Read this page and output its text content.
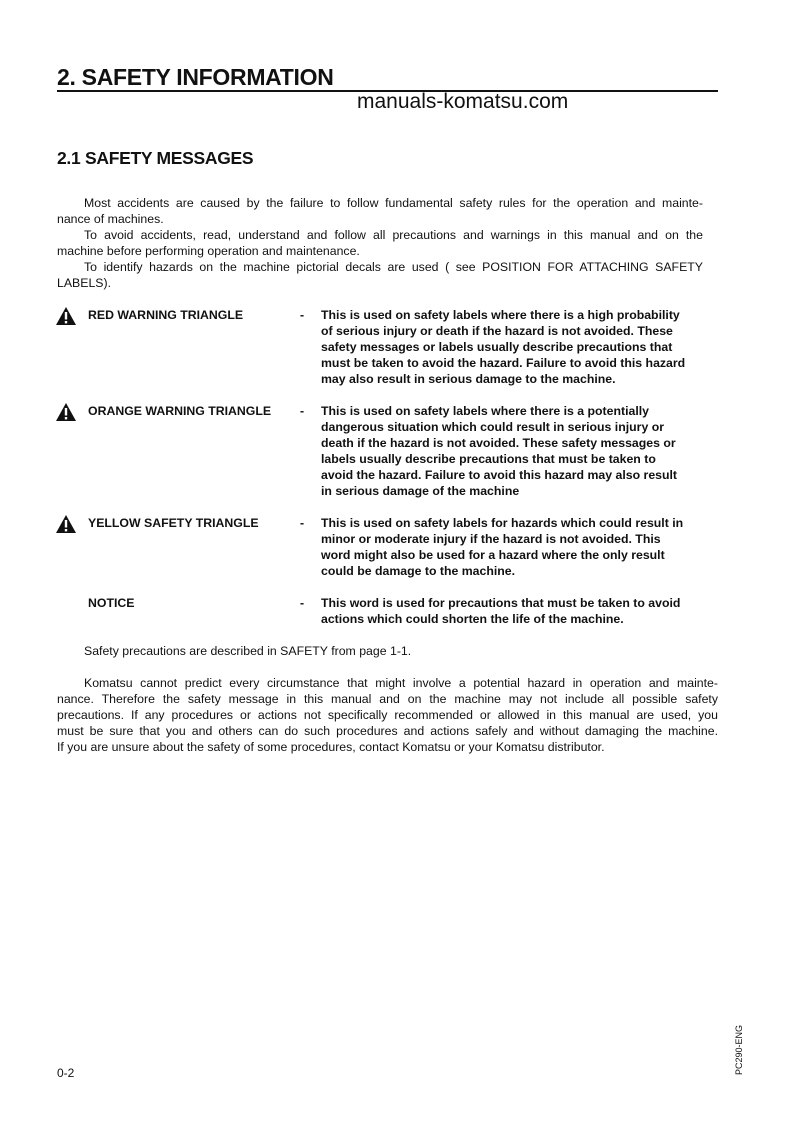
2. SAFETY INFORMATION
manuals-komatsu.com
2.1 SAFETY MESSAGES
Most accidents are caused by the failure to follow fundamental safety rules for the operation and mainte-
nance of machines.
To avoid accidents, read, understand and follow all precautions and warnings in this manual and on the
machine before performing operation and maintenance.
To identify hazards on the machine pictorial decals are used ( see POSITION FOR ATTACHING SAFETY
LABELS).
RED WARNING TRIANGLE	- This is used on safety labels where there is a high probability
of serious injury or death if the hazard is not avoided. These
safety messages or labels usually describe precautions that
must be taken to avoid the hazard. Failure to avoid this hazard
may also result in serious damage to the machine.
ORANGE WARNING TRIANGLE - This is used on safety labels where there is a potentially
dangerous situation which could result in serious injury or
death if the hazard is not avoided. These safety messages or
labels usually describe precautions that must be taken to
avoid the hazard. Failure to avoid this hazard may also result
in serious damage of the machine
YELLOW SAFETY TRIANGLE	- This is used on safety labels for hazards which could result in
minor or moderate injury if the hazard is not avoided. This
word might also be used for a hazard where the only result
could be damage to the machine.
NOTICE	- This word is used for precautions that must be taken to avoid
actions which could shorten the life of the machine.
Safety precautions are described in SAFETY from page 1-1.
Komatsu cannot predict every circumstance that might involve a potential hazard in operation and mainte-
nance. Therefore the safety message in this manual and on the machine may not include all possible safety
precautions. If any procedures or actions not specifically recommended or allowed in this manual are used, you
must be sure that you and others can do such procedures and actions safely and without damaging the machine.
If you are unsure about the safety of some procedures, contact Komatsu or your Komatsu distributor.
0-2	PC290-ENG
